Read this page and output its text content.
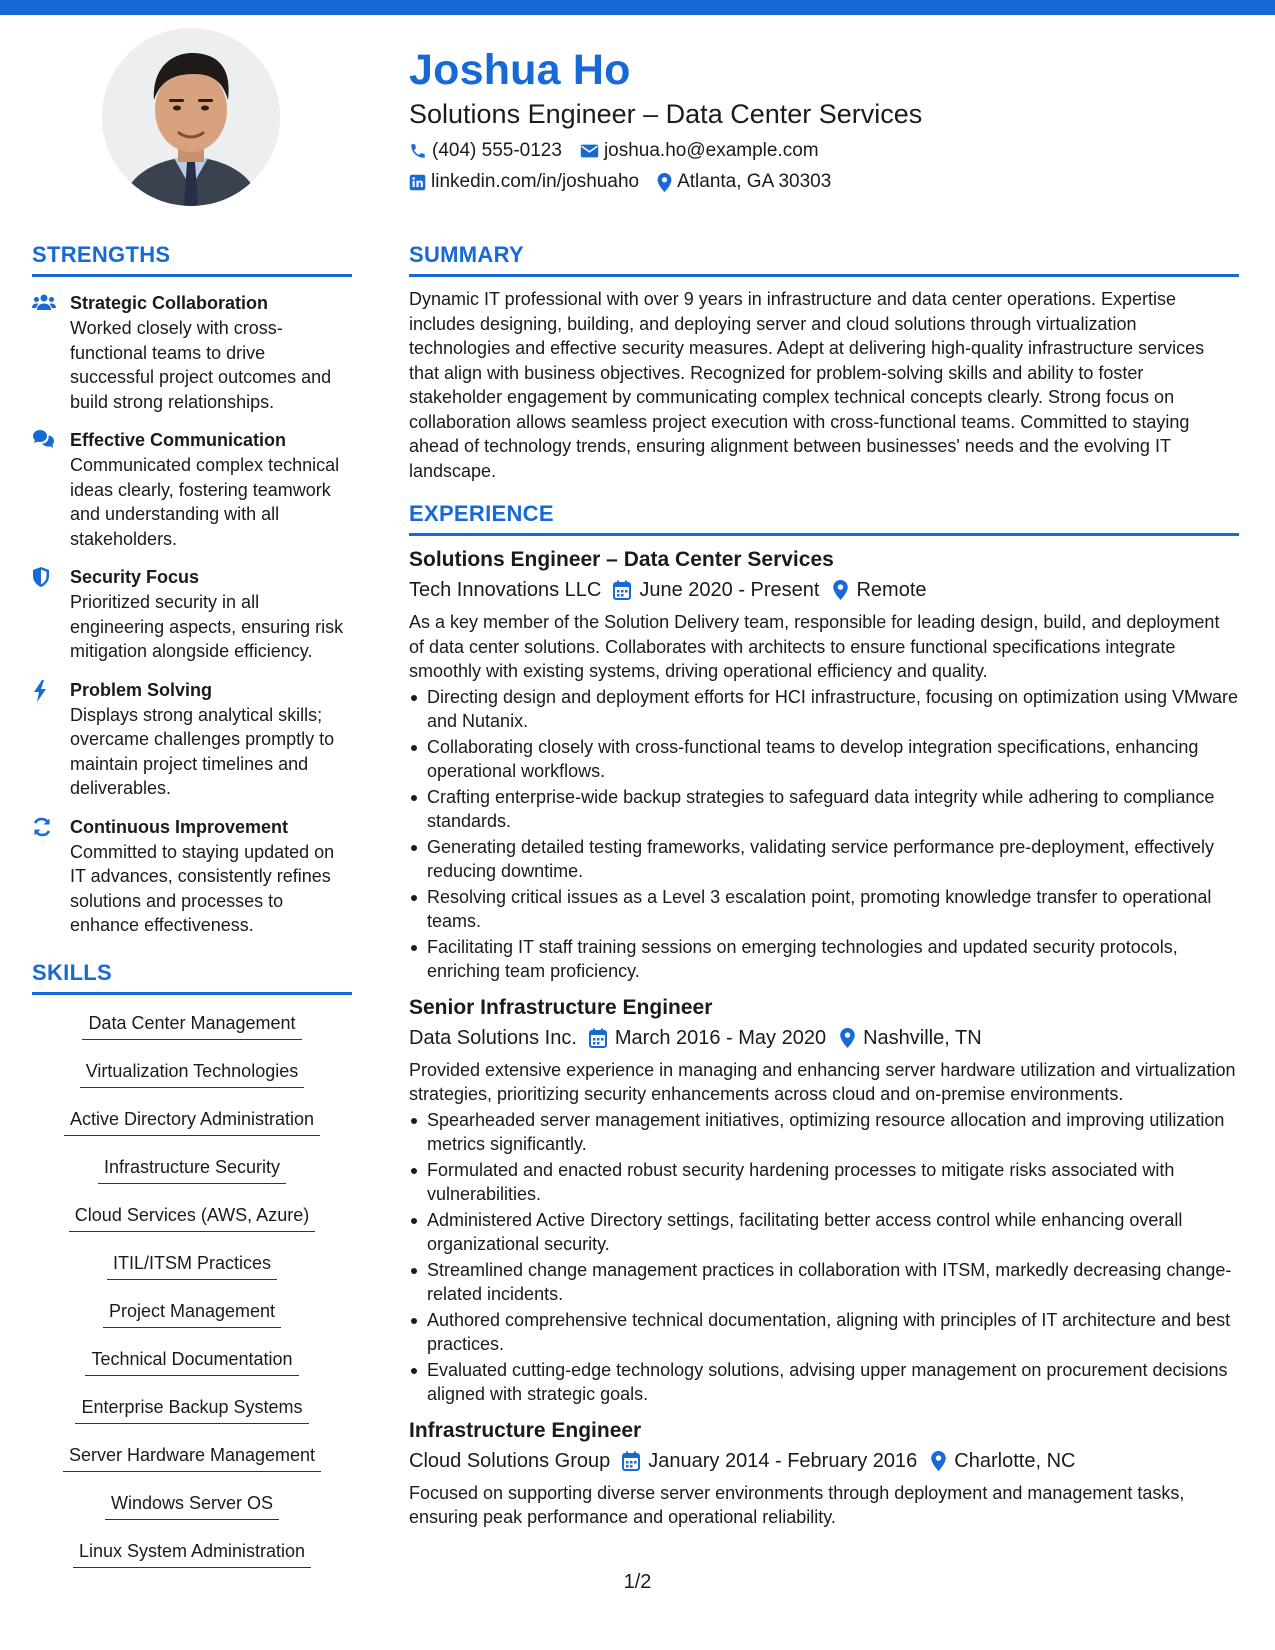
Joshua Ho
Solutions Engineer – Data Center Services
(404) 555-0123 joshua.ho@example.com
linkedin.com/in/joshuaho Atlanta, GA 30303
STRENGTHS
Strategic Collaboration
Worked closely with cross-functional teams to drive successful project outcomes and build strong relationships.
Effective Communication
Communicated complex technical ideas clearly, fostering teamwork and understanding with all stakeholders.
Security Focus
Prioritized security in all engineering aspects, ensuring risk mitigation alongside efficiency.
Problem Solving
Displays strong analytical skills; overcame challenges promptly to maintain project timelines and deliverables.
Continuous Improvement
Committed to staying updated on IT advances, consistently refines solutions and processes to enhance effectiveness.
SKILLS
Data Center Management
Virtualization Technologies
Active Directory Administration
Infrastructure Security
Cloud Services (AWS, Azure)
ITIL/ITSM Practices
Project Management
Technical Documentation
Enterprise Backup Systems
Server Hardware Management
Windows Server OS
Linux System Administration
SUMMARY
Dynamic IT professional with over 9 years in infrastructure and data center operations. Expertise includes designing, building, and deploying server and cloud solutions through virtualization technologies and effective security measures. Adept at delivering high-quality infrastructure services that align with business objectives. Recognized for problem-solving skills and ability to foster stakeholder engagement by communicating complex technical concepts clearly. Strong focus on collaboration allows seamless project execution with cross-functional teams. Committed to staying ahead of technology trends, ensuring alignment between businesses' needs and the evolving IT landscape.
EXPERIENCE
Solutions Engineer – Data Center Services
Tech Innovations LLC June 2020 - Present Remote
As a key member of the Solution Delivery team, responsible for leading design, build, and deployment of data center solutions. Collaborates with architects to ensure functional specifications integrate smoothly with existing systems, driving operational efficiency and quality.
Directing design and deployment efforts for HCI infrastructure, focusing on optimization using VMware and Nutanix.
Collaborating closely with cross-functional teams to develop integration specifications, enhancing operational workflows.
Crafting enterprise-wide backup strategies to safeguard data integrity while adhering to compliance standards.
Generating detailed testing frameworks, validating service performance pre-deployment, effectively reducing downtime.
Resolving critical issues as a Level 3 escalation point, promoting knowledge transfer to operational teams.
Facilitating IT staff training sessions on emerging technologies and updated security protocols, enriching team proficiency.
Senior Infrastructure Engineer
Data Solutions Inc. March 2016 - May 2020 Nashville, TN
Provided extensive experience in managing and enhancing server hardware utilization and virtualization strategies, prioritizing security enhancements across cloud and on-premise environments.
Spearheaded server management initiatives, optimizing resource allocation and improving utilization metrics significantly.
Formulated and enacted robust security hardening processes to mitigate risks associated with vulnerabilities.
Administered Active Directory settings, facilitating better access control while enhancing overall organizational security.
Streamlined change management practices in collaboration with ITSM, markedly decreasing change-related incidents.
Authored comprehensive technical documentation, aligning with principles of IT architecture and best practices.
Evaluated cutting-edge technology solutions, advising upper management on procurement decisions aligned with strategic goals.
Infrastructure Engineer
Cloud Solutions Group January 2014 - February 2016 Charlotte, NC
Focused on supporting diverse server environments through deployment and management tasks, ensuring peak performance and operational reliability.
1/2
